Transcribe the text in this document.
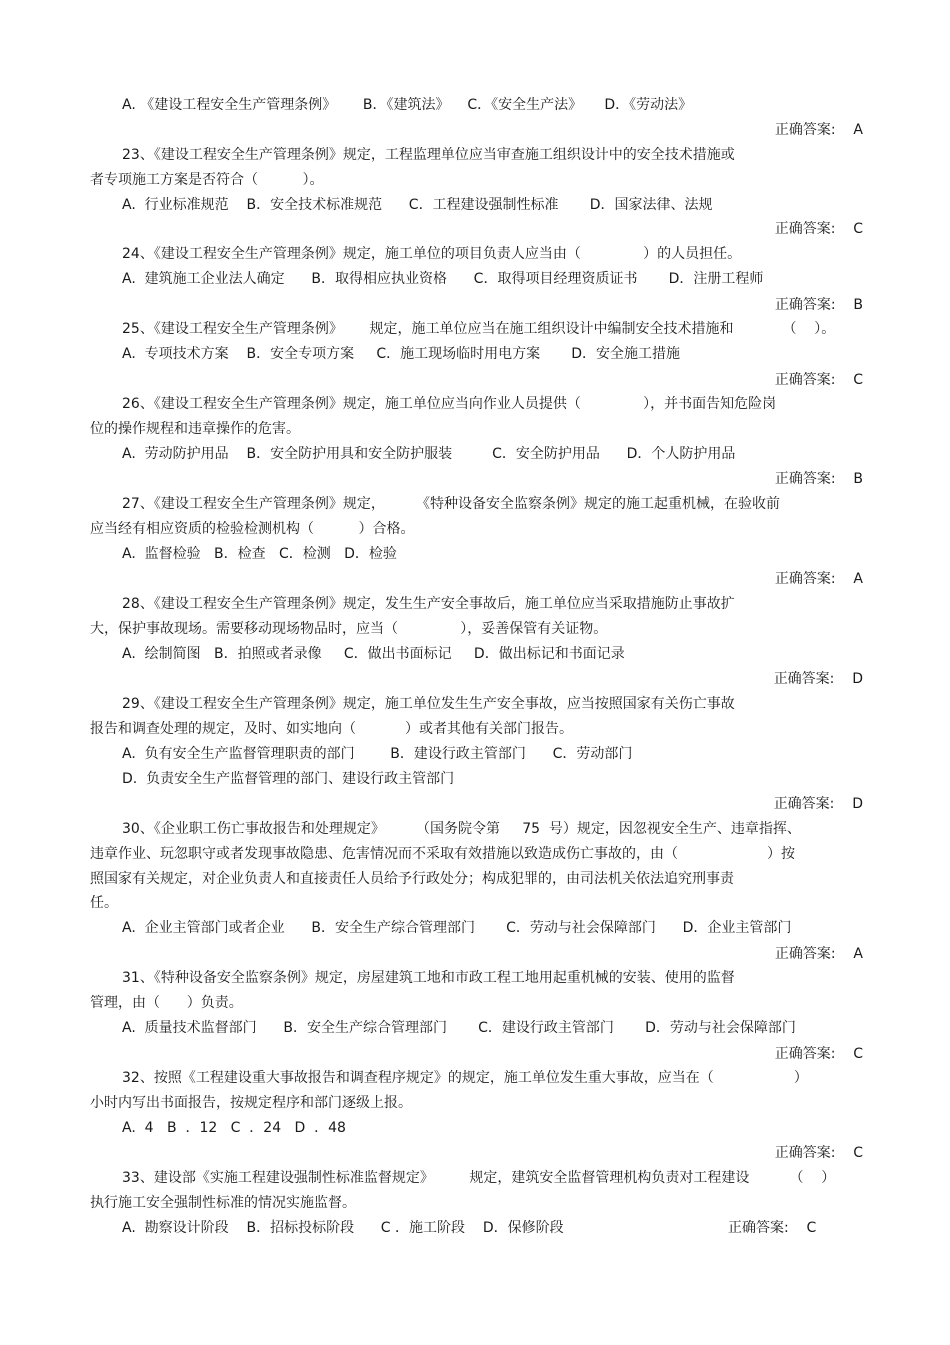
A. 《建设工程安全生产管理条例》      B．《建筑法》    C．《安全生产法》     D．《劳动法》
正确答案:    A
23、《建设工程安全生产管理条例》规定，工程监理单位应当审查施工组织设计中的安全技术措施或
者专项施工方案是否符合（          ）。
A.  行业标准规范    B．安全技术标准规范      C．工程建设强制性标准       D．国家法律、法规
正确答案:    C
24、《建设工程安全生产管理条例》规定，施工单位的项目负责人应当由（              ）的人员担任。
A.  建筑施工企业法人确定      B．取得相应执业资格      C．取得项目经理资质证书       D．注册工程师
正确答案:    B
25、《建设工程安全生产管理条例》      规定，施工单位应当在施工组织设计中编制安全技术措施和           （    ）。
A.  专项技术方案    B．安全专项方案     C．施工现场临时用电方案       D．安全施工措施
正确答案:    C
26、《建设工程安全生产管理条例》规定，施工单位应当向作业人员提供（              ），并书面告知危险岗
位的操作规程和违章操作的危害。
A.  劳动防护用品    B．安全防护用具和安全防护服装         C．安全防护用品      D．个人防护用品
正确答案:    B
27、《建设工程安全生产管理条例》规定，       《特种设备安全监察条例》规定的施工起重机械，在验收前
应当经有相应资质的检验检测机构（          ）合格。
A.  监督检验   B．检查   C．检测   D．检验
正确答案:    A
28、《建设工程安全生产管理条例》规定，发生生产安全事故后，施工单位应当采取措施防止事故扩
大，保护事故现场。需要移动现场物品时，应当（              ），妥善保管有关证物。
A.  绘制简图   B．拍照或者录像     C．做出书面标记     D．做出标记和书面记录
正确答案:    D
29、《建设工程安全生产管理条例》规定，施工单位发生生产安全事故，应当按照国家有关伤亡事故
报告和调查处理的规定，及时、如实地向（           ）或者其他有关部门报告。
A.  负有安全生产监督管理职责的部门        B．建设行政主管部门      C．劳动部门
D.  负责安全生产监督管理的部门、建设行政主管部门
正确答案:    D
30、《企业职工伤亡事故报告和处理规定》       （国务院令第     75  号）规定，因忽视安全生产、违章指挥、
违章作业、玩忽职守或者发现事故隐患、危害情况而不采取有效措施以致造成伤亡事故的，由（                    ）按
照国家有关规定，对企业负责人和直接责任人员给予行政处分；构成犯罪的，由司法机关依法追究刑事责
任。
A.  企业主管部门或者企业      B．安全生产综合管理部门       C．劳动与社会保障部门      D．企业主管部门
正确答案:    A
31、《特种设备安全监察条例》规定，房屋建筑工地和市政工程工地用起重机械的安装、使用的监督
管理，由（      ）负责。
A.  质量技术监督部门      B．安全生产综合管理部门       C．建设行政主管部门       D．劳动与社会保障部门
正确答案:    C
32、按照《工程建设重大事故报告和调查程序规定》的规定，施工单位发生重大事故，应当在（                  ）
小时内写出书面报告，按规定程序和部门逐级上报。
A.  4   B  ．12   C  ．24   D  ．48
正确答案:    C
33、建设部《实施工程建设强制性标准监督规定》        规定，建筑安全监督管理机构负责对工程建设         （    ）
执行施工安全强制性标准的情况实施监督。
A.  勘察设计阶段    B．招标投标阶段      C ．施工阶段    D．保修阶段	正确答案:    C
